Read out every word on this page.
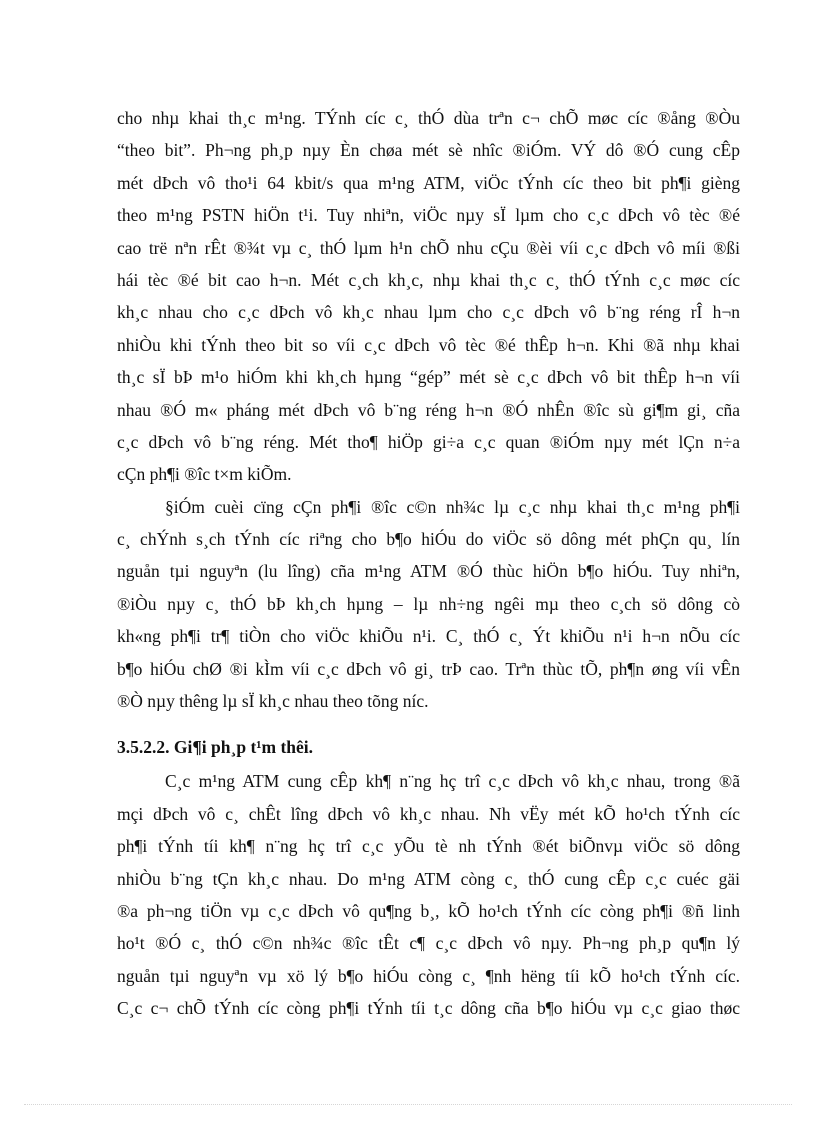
cho nhµ khai th¸c m¹ng. TÝnh cíc c¸ thÓ dùa trªn c¬ chÕ møc cíc ®ång ®Òu
“theo bit”. Ph¬ng ph¸p nµy Èn chøa mét sè nhîc ®iÓm. VÝ dô ®Ó cung cÊp
mét dÞch vô tho¹i 64 kbit/s qua m¹ng ATM, viÖc tÝnh cíc theo bit ph¶i gièng
theo m¹ng PSTN hiÖn t¹i. Tuy nhiªn, viÖc nµy sÏ lµm cho c¸c dÞch vô tèc ®é
cao trë nªn rÊt ®¾t vµ c¸ thÓ lµm h¹n chÕ nhu cÇu ®èi víi c¸c dÞch vô míi ®ßi
hái tèc ®é bit cao h¬n. Mét c¸ch kh¸c, nhµ khai th¸c c¸ thÓ tÝnh c¸c møc cíc
kh¸c nhau cho c¸c dÞch vô kh¸c nhau lµm cho c¸c dÞch vô b¨ng réng rÎ h¬n
nhiÒu khi tÝnh theo bit so víi c¸c dÞch vô tèc ®é thÊp h¬n. Khi ®ã nhµ khai
th¸c sÏ bÞ m¹o hiÓm khi kh¸ch hµng “gép” mét sè c¸c dÞch vô bit thÊp h¬n víi
nhau ®Ó m« pháng mét dÞch vô b¨ng réng h¬n ®Ó nhÊn ®îc sù gi¶m gi¸ cña
c¸c dÞch vô b¨ng réng. Mét tho¶ hiÖp gi÷a c¸c quan ®iÓm nµy mét lÇn n÷a
cÇn ph¶i ®îc t×m kiÕm.
§iÓm cuèi cïng cÇn ph¶i ®îc c©n nh¾c lµ c¸c nhµ khai th¸c m¹ng ph¶i
c¸ chÝnh s¸ch tÝnh cíc riªng cho b¶o hiÓu do viÖc sö dông mét phÇn qu¸ lín
nguån tµi nguyªn (lu lîng) cña m¹ng ATM ®Ó thùc hiÖn b¶o hiÓu. Tuy nhiªn,
®iÒu nµy c¸ thÓ bÞ kh¸ch hµng – lµ nh÷ng ngêi mµ theo c¸ch sö dông cò
kh«ng ph¶i tr¶ tiÒn cho viÖc khiÕu n¹i. C¸ thÓ c¸ Ýt khiÕu n¹i h¬n nÕu cíc
b¶o hiÓu chØ ®i kÌm víi c¸c dÞch vô gi¸ trÞ cao. Trªn thùc tÕ, ph¶n øng víi vÊn
®Ò nµy thêng lµ sÏ kh¸c nhau theo tõng níc.
3.5.2.2. Gi¶i ph¸p t¹m thêi.
C¸c m¹ng ATM cung cÊp kh¶ n¨ng hç trî c¸c dÞch vô kh¸c nhau, trong ®ã
mçi dÞch vô c¸ chÊt lîng dÞch vô kh¸c nhau. Nh vËy mét kÕ ho¹ch tÝnh cíc
ph¶i tÝnh tíi kh¶ n¨ng hç trî c¸c yÕu tè nh tÝnh ®ét biÕnvµ viÖc sö dông
nhiÒu b¨ng tÇn kh¸c nhau. Do m¹ng ATM còng c¸ thÓ cung cÊp c¸c cuéc gäi
®a ph¬ng tiÖn vµ c¸c dÞch vô qu¶ng b¸, kÕ ho¹ch tÝnh cíc còng ph¶i ®ñ linh
ho¹t ®Ó c¸ thÓ c©n nh¾c ®îc tÊt c¶ c¸c dÞch vô nµy. Ph¬ng ph¸p qu¶n lý
nguån tµi nguyªn vµ xö lý b¶o hiÓu còng c¸ ¶nh hëng tíi kÕ ho¹ch tÝnh cíc.
C¸c c¬ chÕ tÝnh cíc còng ph¶i tÝnh tíi t¸c dông cña b¶o hiÓu vµ c¸c giao thøc
